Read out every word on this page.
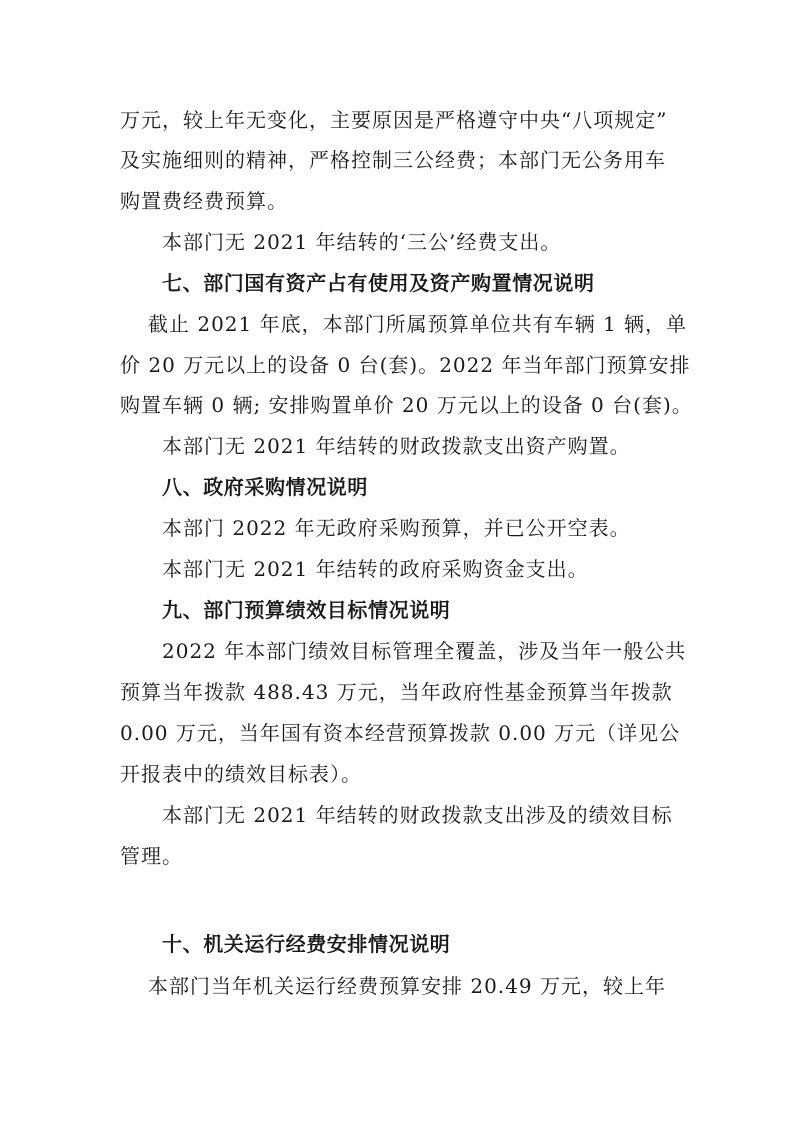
万元，较上年无变化，主要原因是严格遵守中央“八项规定”
及实施细则的精神，严格控制三公经费；本部门无公务用车
购置费经费预算。
本部门无 2021 年结转的‘三公’经费支出。
七、部门国有资产占有使用及资产购置情况说明
截止 2021 年底，本部门所属预算单位共有车辆 1 辆，单
价 20 万元以上的设备 0 台(套)。2022 年当年部门预算安排
购置车辆 0 辆; 安排购置单价 20 万元以上的设备 0 台(套)。
本部门无 2021 年结转的财政拨款支出资产购置。
八、政府采购情况说明
本部门 2022 年无政府采购预算，并已公开空表。
本部门无 2021 年结转的政府采购资金支出。
九、部门预算绩效目标情况说明
2022 年本部门绩效目标管理全覆盖，涉及当年一般公共
预算当年拨款 488.43 万元，当年政府性基金预算当年拨款
0.00 万元，当年国有资本经营预算拨款 0.00 万元（详见公
开报表中的绩效目标表）。
本部门无 2021 年结转的财政拨款支出涉及的绩效目标
管理。
十、机关运行经费安排情况说明
本部门当年机关运行经费预算安排 20.49 万元，较上年
